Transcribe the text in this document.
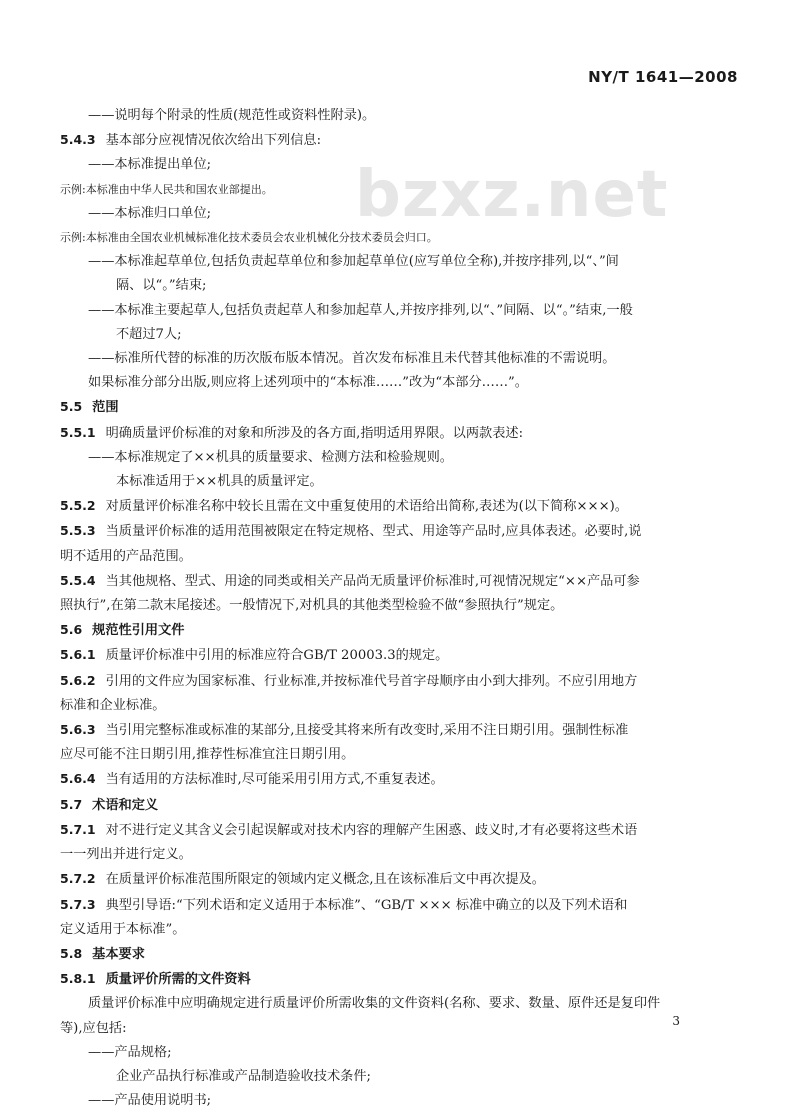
NY/T 1641—2008
bzxz.net
——说明每个附录的性质(规范性或资料性附录)。
5.4.3 基本部分应视情况依次给出下列信息:
——本标准提出单位;
示例:本标准由中华人民共和国农业部提出。
——本标准归口单位;
示例:本标准由全国农业机械标准化技术委员会农业机械化分技术委员会归口。
——本标准起草单位,包括负责起草单位和参加起草单位(应写单位全称),并按序排列,以“、”间
隔、以“。”结束;
——本标准主要起草人,包括负责起草人和参加起草人,并按序排列,以“、”间隔、以“。”结束,一般
不超过7人;
——标准所代替的标准的历次版布版本情况。首次发布标准且未代替其他标准的不需说明。
如果标准分部分出版,则应将上述列项中的“本标准……”改为“本部分……”。
5.5 范围
5.5.1 明确质量评价标准的对象和所涉及的各方面,指明适用界限。以两款表述:
——本标准规定了××机具的质量要求、检测方法和检验规则。
本标准适用于××机具的质量评定。
5.5.2 对质量评价标准名称中较长且需在文中重复使用的术语给出简称,表述为(以下简称×××)。
5.5.3 当质量评价标准的适用范围被限定在特定规格、型式、用途等产品时,应具体表述。必要时,说
明不适用的产品范围。
5.5.4 当其他规格、型式、用途的同类或相关产品尚无质量评价标准时,可视情况规定“××产品可参
照执行”,在第二款末尾接述。一般情况下,对机具的其他类型检验不做“参照执行”规定。
5.6 规范性引用文件
5.6.1 质量评价标准中引用的标准应符合GB/T 20003.3的规定。
5.6.2 引用的文件应为国家标准、行业标准,并按标准代号首字母顺序由小到大排列。不应引用地方
标准和企业标准。
5.6.3 当引用完整标准或标准的某部分,且接受其将来所有改变时,采用不注日期引用。强制性标准
应尽可能不注日期引用,推荐性标准宜注日期引用。
5.6.4 当有适用的方法标准时,尽可能采用引用方式,不重复表述。
5.7 术语和定义
5.7.1 对不进行定义其含义会引起误解或对技术内容的理解产生困惑、歧义时,才有必要将这些术语
一一列出并进行定义。
5.7.2 在质量评价标准范围所限定的领域内定义概念,且在该标准后文中再次提及。
5.7.3 典型引导语:“下列术语和定义适用于本标准”、“GB/T ××× 标准中确立的以及下列术语和
定义适用于本标准”。
5.8 基本要求
5.8.1 质量评价所需的文件资料
质量评价标准中应明确规定进行质量评价所需收集的文件资料(名称、要求、数量、原件还是复印件
等),应包括:
——产品规格;
企业产品执行标准或产品制造验收技术条件;
——产品使用说明书;
3
